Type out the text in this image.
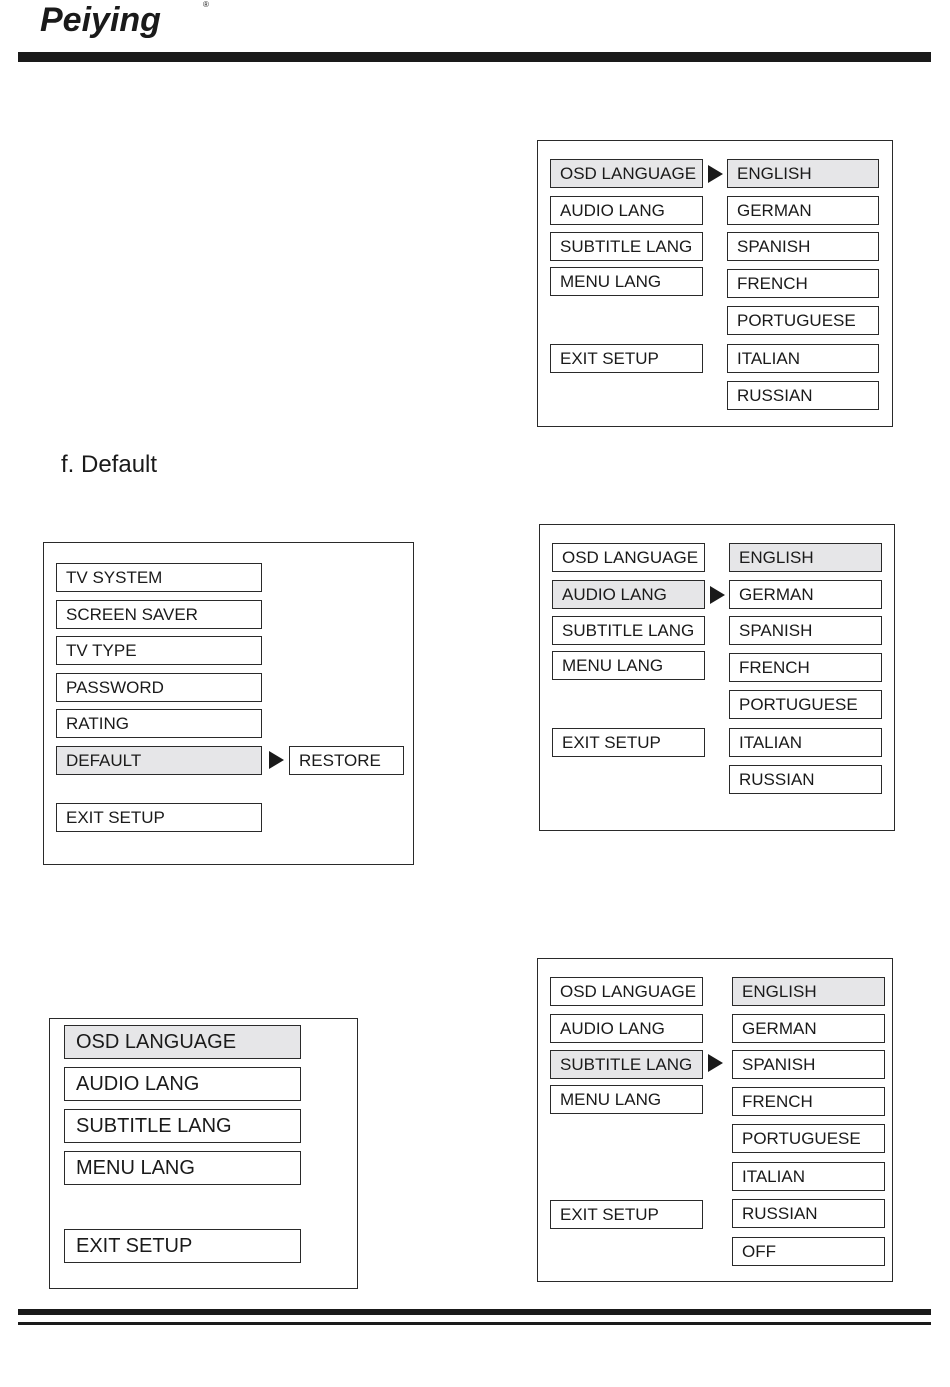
Peiying	®
OSD LANGUAGE
AUDIO LANG
SUBTITLE LANG
MENU LANG
EXIT SETUP
ENGLISH
GERMAN
SPANISH
FRENCH
PORTUGUESE
ITALIAN
RUSSIAN
f. Default
TV SYSTEM
SCREEN SAVER
TV TYPE
PASSWORD
RATING
DEFAULT
EXIT SETUP
RESTORE
OSD LANGUAGE
AUDIO LANG
SUBTITLE LANG
MENU LANG
EXIT SETUP
ENGLISH
GERMAN
SPANISH
FRENCH
PORTUGUESE
ITALIAN
RUSSIAN
OSD LANGUAGE
AUDIO LANG
SUBTITLE LANG
MENU LANG
EXIT SETUP
OSD LANGUAGE
AUDIO LANG
SUBTITLE LANG
MENU LANG
EXIT SETUP
ENGLISH
GERMAN
SPANISH
FRENCH
PORTUGUESE
ITALIAN
RUSSIAN
OFF
